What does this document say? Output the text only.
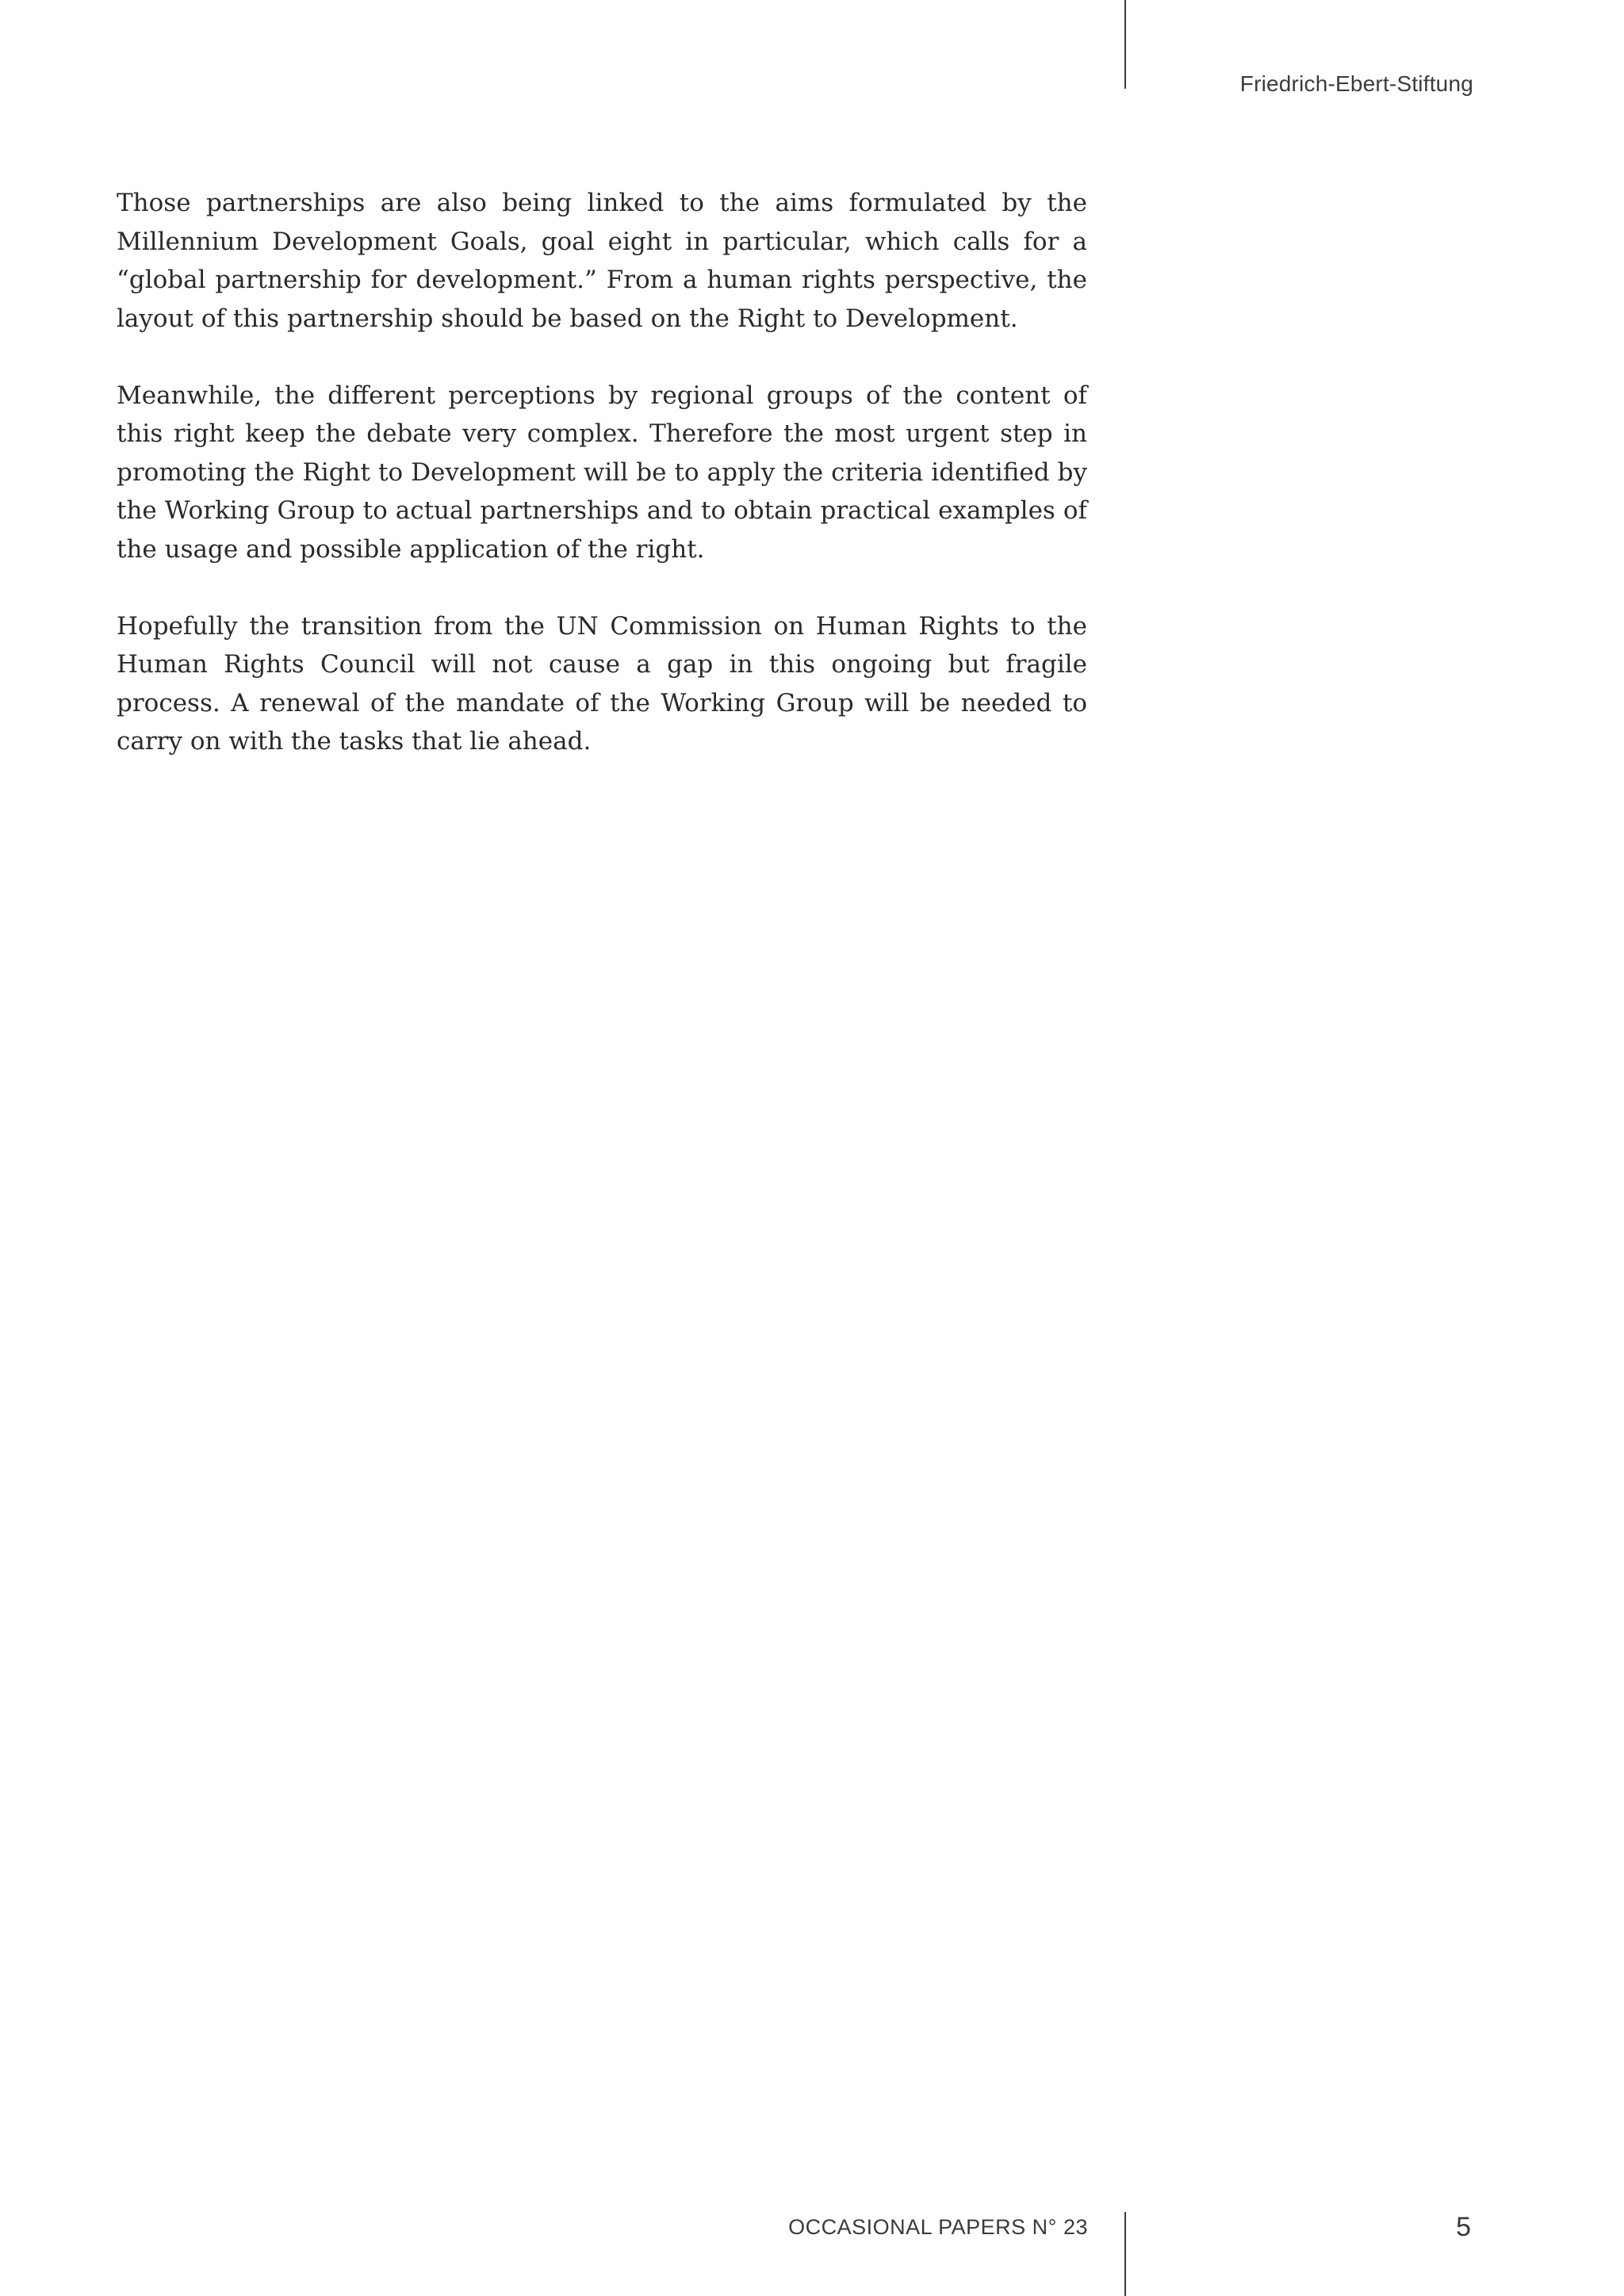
Friedrich-Ebert-Stiftung

Those partnerships are also being linked to the aims formulated by the Millennium Development Goals, goal eight in particular, which calls for a “global partnership for development.” From a human rights perspective, the layout of this partnership should be based on the Right to Development.

Meanwhile, the different perceptions by regional groups of the content of this right keep the debate very complex. Therefore the most urgent step in promoting the Right to Development will be to apply the criteria identified by the Working Group to actual partnerships and to obtain practical examples of the usage and possible application of the right.

Hopefully the transition from the UN Commission on Human Rights to the Human Rights Council will not cause a gap in this ongoing but fragile process. A renewal of the mandate of the Working Group will be needed to carry on with the tasks that lie ahead.

OCCASIONAL PAPERS N° 23	5
